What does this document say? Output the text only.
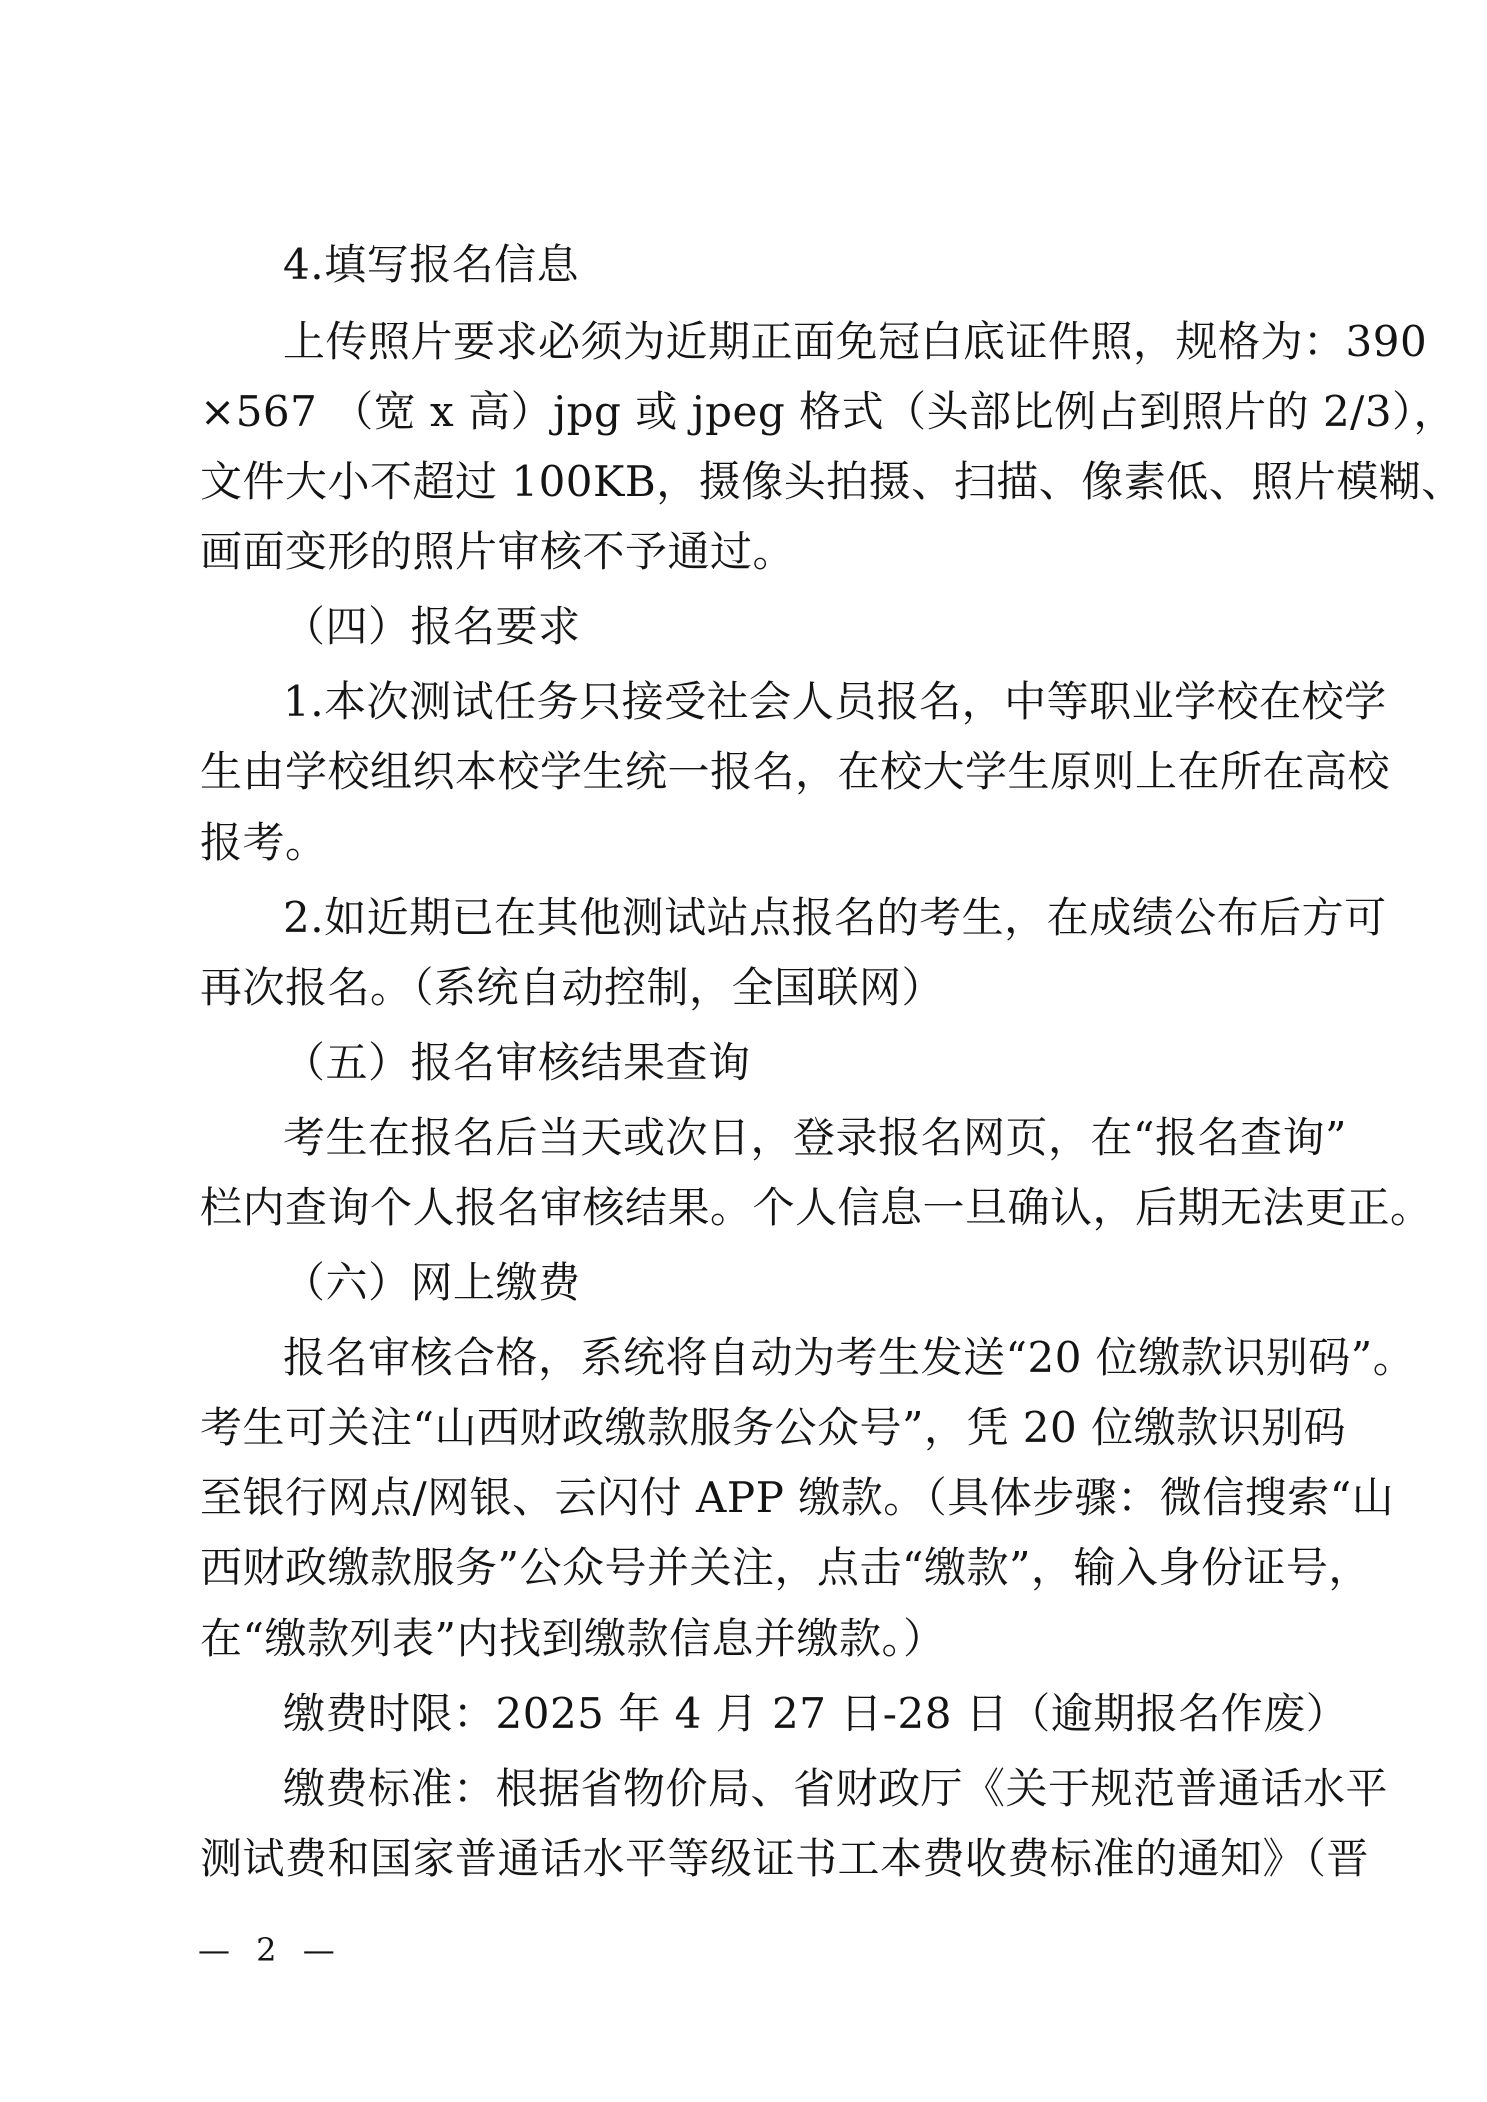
4.填写报名信息
上传照片要求必须为近期正面免冠白底证件照，规格为：390
×567 （宽 x 高）jpg 或 jpeg 格式（头部比例占到照片的 2/3），
文件大小不超过 100KB，摄像头拍摄、扫描、像素低、照片模糊、
画面变形的照片审核不予通过。
（四）报名要求
1.本次测试任务只接受社会人员报名，中等职业学校在校学
生由学校组织本校学生统一报名，在校大学生原则上在所在高校
报考。
2.如近期已在其他测试站点报名的考生，在成绩公布后方可
再次报名。（系统自动控制，全国联网）
（五）报名审核结果查询
考生在报名后当天或次日，登录报名网页，在“报名查询”
栏内查询个人报名审核结果。个人信息一旦确认，后期无法更正。
（六）网上缴费
报名审核合格，系统将自动为考生发送“20 位缴款识别码”。
考生可关注“山西财政缴款服务公众号”，凭 20 位缴款识别码
至银行网点/网银、云闪付 APP 缴款。（具体步骤：微信搜索“山
西财政缴款服务”公众号并关注，点击“缴款”，输入身份证号，
在“缴款列表”内找到缴款信息并缴款。）
缴费时限：2025 年 4 月 27 日-28 日（逾期报名作废）
缴费标准：根据省物价局、省财政厅《关于规范普通话水平
测试费和国家普通话水平等级证书工本费收费标准的通知》（晋
— 2 —
